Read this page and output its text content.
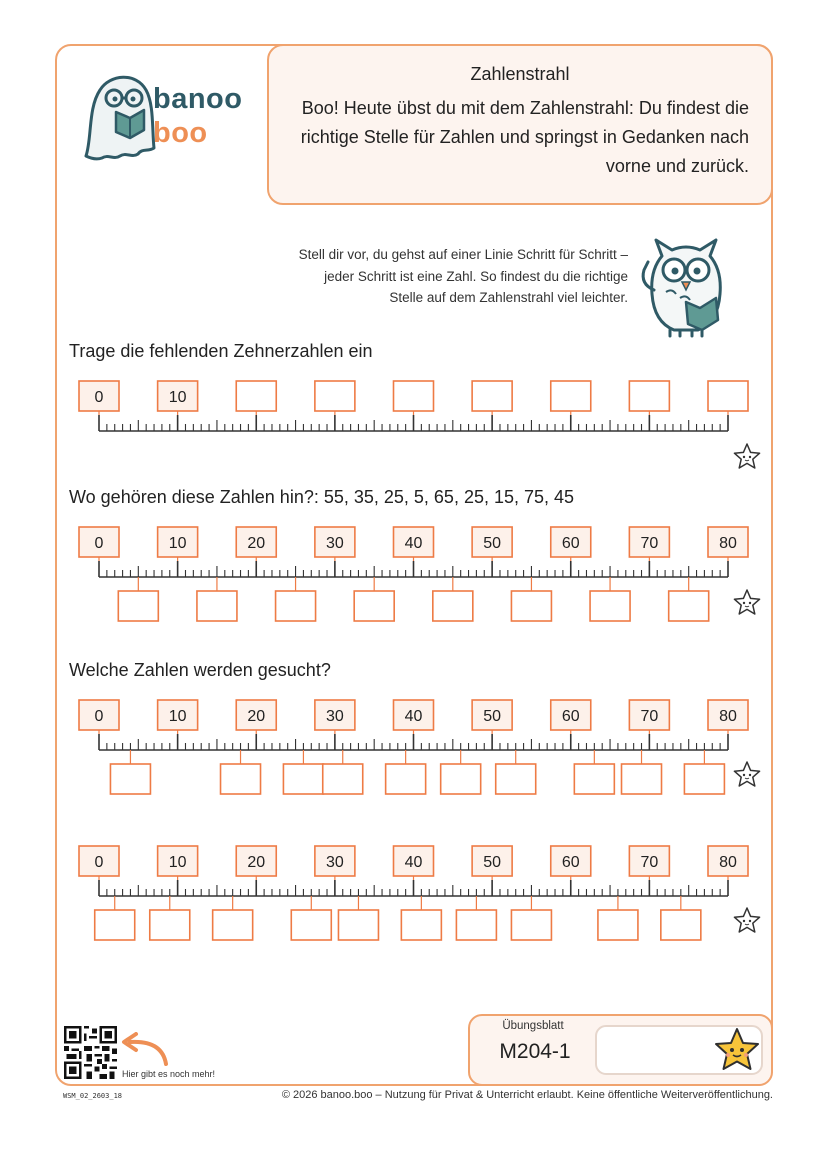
banoo
boo
Zahlenstrahl
Boo! Heute übst du mit dem Zahlenstrahl: Du findest die richtige Stelle für Zahlen und springst in Gedanken nach vorne und zurück.
Stell dir vor, du gehst auf einer Linie Schritt für Schritt – jeder Schritt ist eine Zahl. So findest du die richtige Stelle auf dem Zahlenstrahl viel leichter.
Trage die fehlenden Zehnerzahlen ein
Wo gehören diese Zahlen hin?: 55, 35, 25, 5, 65, 25, 15, 75, 45
Welche Zahlen werden gesucht?
0	10
0	10	20	30	40	50	60	70	80
0	10	20	30	40	50	60	70	80
0	10	20	30	40	50	60	70	80
Übungsblatt
M204-1
Hier gibt es noch mehr!
WSM_02_2603_18	© 2026 banoo.boo – Nutzung für Privat & Unterricht erlaubt. Keine öffentliche Weiterveröffentlichung.
